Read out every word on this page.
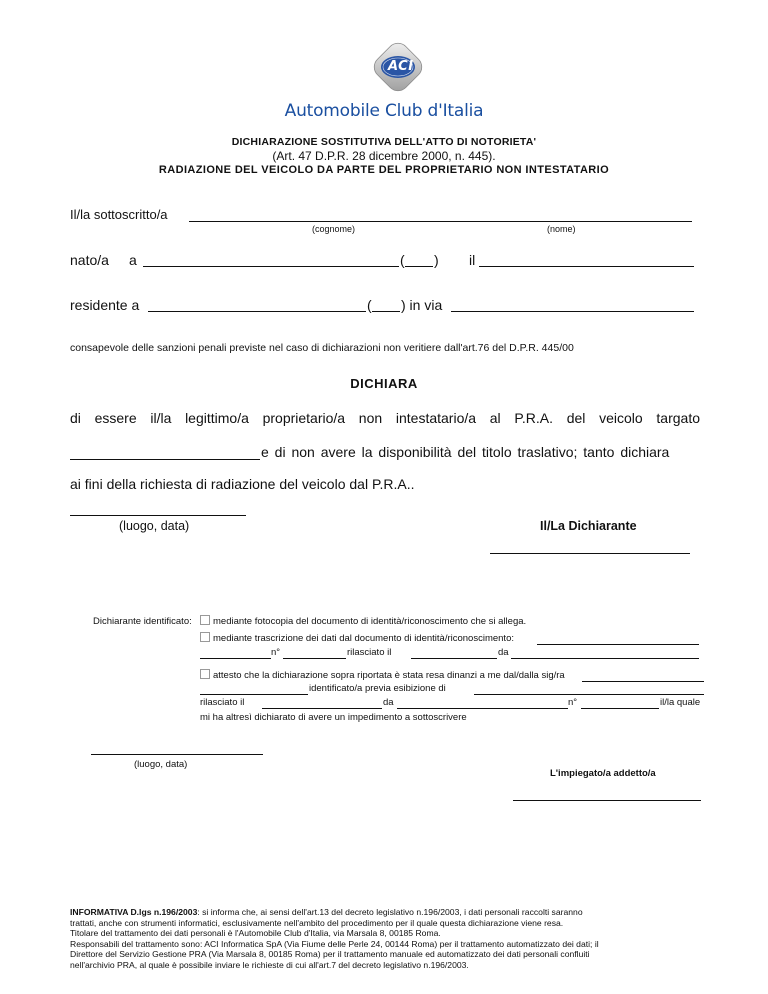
ACI
Automobile Club d'Italia
DICHIARAZIONE SOSTITUTIVA DELL'ATTO DI NOTORIETA'
(Art. 47 D.P.R. 28 dicembre 2000, n. 445).
RADIAZIONE DEL VEICOLO DA PARTE DEL PROPRIETARIO NON INTESTATARIO
Il/la sottoscritto/a
(cognome)	(nome)
nato/a a	( ) il
residente a	( ) in via
consapevole delle sanzioni penali previste nel caso di dichiarazioni non veritiere dall'art.76 del D.P.R. 445/00
DICHIARA
di essere il/la legittimo/a proprietario/a non intestatario/a al P.R.A. del veicolo targato
e di non avere la disponibilità del titolo traslativo; tanto dichiara
ai fini della richiesta di radiazione del veicolo dal P.R.A..
(luogo, data)	Il/La Dichiarante
Dichiarante identificato:	mediante fotocopia del documento di identità/riconoscimento che si allega.
mediante trascrizione dei dati dal documento di identità/riconoscimento:
n°	rilasciato il	da
attesto che la dichiarazione sopra riportata è stata resa dinanzi a me dal/dalla sig/ra
identificato/a previa esibizione di
rilasciato il	da	n°	il/la quale
mi ha altresì dichiarato di avere un impedimento a sottoscrivere
(luogo, data)
L'impiegato/a addetto/a
INFORMATIVA D.lgs n.196/2003: si informa che, ai sensi dell'art.13 del decreto legislativo n.196/2003, i dati personali raccolti saranno
trattati, anche con strumenti informatici, esclusivamente nell'ambito del procedimento per il quale questa dichiarazione viene resa.
Titolare del trattamento dei dati personali è l'Automobile Club d'Italia, via Marsala 8, 00185 Roma.
Responsabili del trattamento sono: ACI Informatica SpA (Via Fiume delle Perle 24, 00144 Roma) per il trattamento automatizzato dei dati; il
Direttore del Servizio Gestione PRA (Via Marsala 8, 00185 Roma) per il trattamento manuale ed automatizzato dei dati personali confluiti
nell'archivio PRA, al quale è possibile inviare le richieste di cui all'art.7 del decreto legislativo n.196/2003.
